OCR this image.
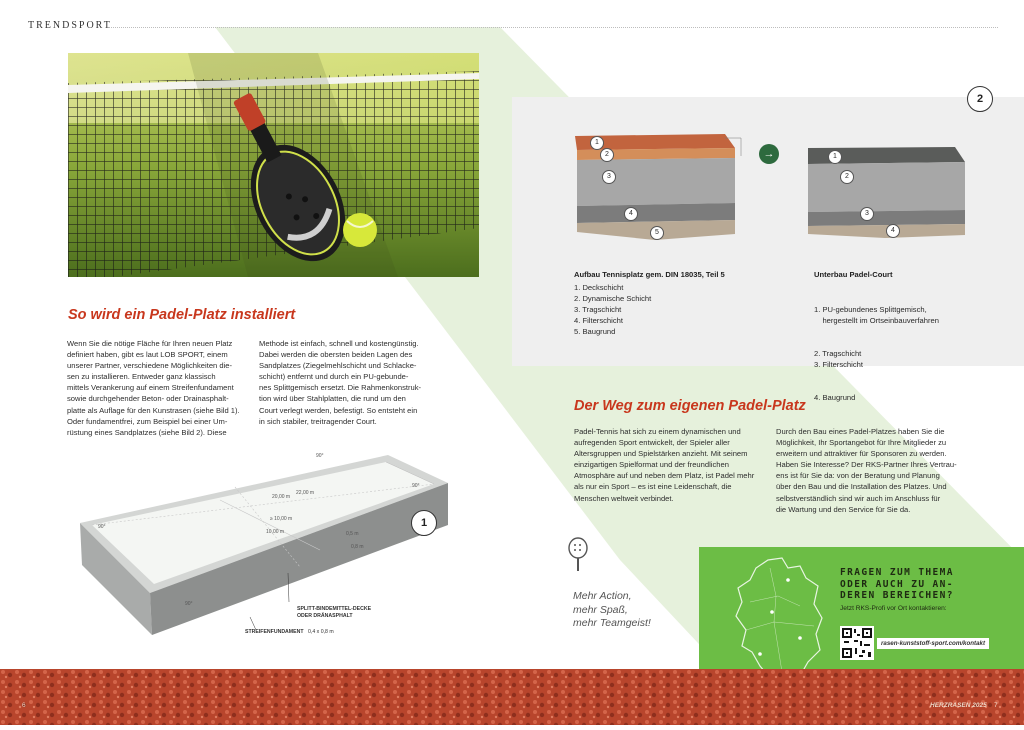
TRENDSPORT
So wird ein Padel-Platz installiert
Wenn Sie die nötige Fläche für Ihren neuen Platz
definiert haben, gibt es laut LOB SPORT, einem
unserer Partner, verschiedene Möglichkeiten die-
sen zu installieren. Entweder ganz klassisch
mittels Verankerung auf einem Streifenfundament
sowie durchgehender Beton- oder Drainasphalt-
platte als Auflage für den Kunstrasen (siehe Bild 1).
Oder fundamentfrei, zum Beispiel bei einer Um-
rüstung eines Sandplatzes (siehe Bild 2). Diese
Methode ist einfach, schnell und kostengünstig.
Dabei werden die obersten beiden Lagen des
Sandplatzes (Ziegelmehlschicht und Schlacke-
schicht) entfernt und durch ein PU-gebunde-
nes Splittgemisch ersetzt. Die Rahmenkonstruk-
tion wird über Stahlplatten, die rund um den
Court verlegt werden, befestigt. So entsteht ein
in sich stabiler, treitragender Court.
90°
90°
90°
90°
20,00 m
22,00 m
≥ 10,00 m
10,00 m	0,5 m
0,8 m
SPLITT-BINDEMITTEL-DECKE
ODER DRÄNASPHALT
STREIFENFUNDAMENT 0,4 x 0,8 m
1
2
1
2
3
4
5
→	1
2
3
4
Aufbau Tennisplatz gem. DIN 18035, Teil 5
1. Deckschicht
2. Dynamische Schicht
3. Tragschicht
4. Filterschicht
5. Baugrund
Unterbau Padel-Court

1. PU-gebundenes Splittgemisch,
hergestellt im Ortseinbauverfahren

2. Tragschicht
3. Filterschicht

4. Baugrund

Der Weg zum eigenen Padel-Platz
Padel-Tennis hat sich zu einem dynamischen und
aufregenden Sport entwickelt, der Spieler aller
Altersgruppen und Spielstärken anzieht. Mit seinem
einzigartigen Spielformat und der freundlichen
Atmosphäre auf und neben dem Platz, ist Padel mehr
als nur ein Sport – es ist eine Leidenschaft, die
Menschen weltweit verbindet.
Durch den Bau eines Padel-Platzes haben Sie die
Möglichkeit, Ihr Sportangebot für Ihre Mitglieder zu
erweitern und attraktiver für Sponsoren zu werden.
Haben Sie Interesse? Der RKS-Partner Ihres Vertrau-
ens ist für Sie da: von der Beratung und Planung
über den Bau und die Installation des Platzes. Und
selbstverständlich sind wir auch im Anschluss für
die Wartung und den Service für Sie da.
Mehr Action,
mehr Spaß,
mehr Teamgeist!
FRAGEN ZUM THEMA
ODER AUCH ZU AN-
DEREN BEREICHEN?
Jetzt RKS-Profi vor Ort kontaktieren:
rasen-kunststoff-sport.com/kontakt
6	HERZRASEN 2025 7
